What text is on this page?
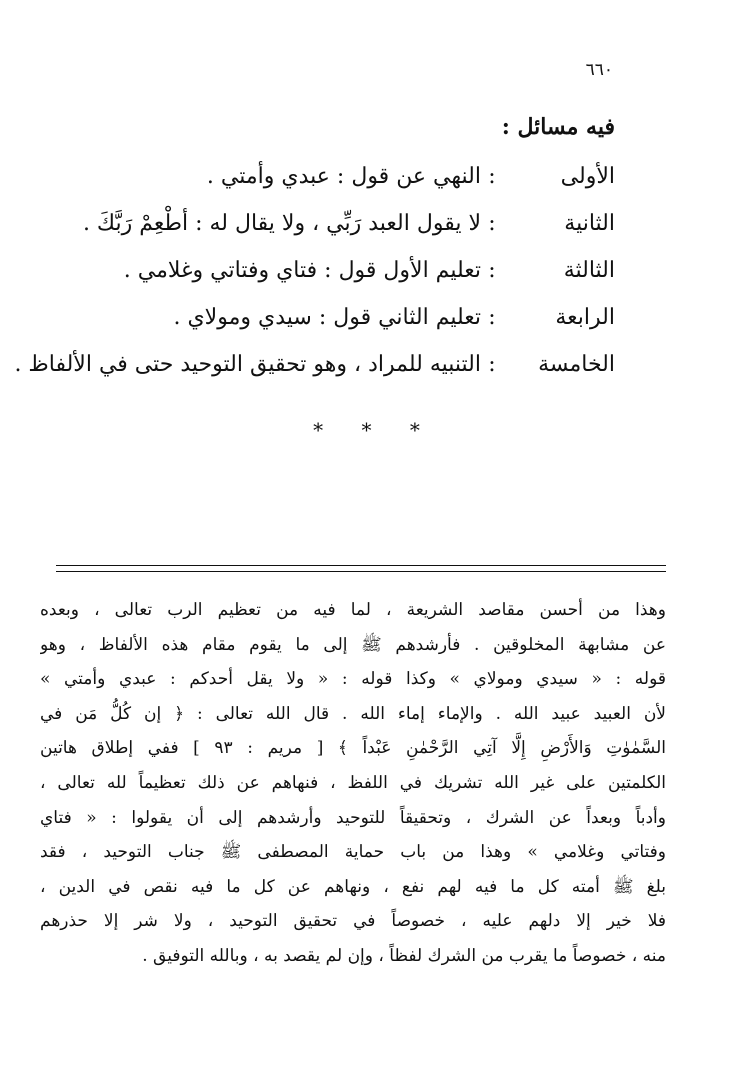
٦٦٠
فيه مسائل :
الأولى
:
النهي عن قول : عبدي وأمتي .
الثانية
:
لا يقول العبد رَبِّي ، ولا يقال له : أطْعِمْ رَبَّكَ .
الثالثة
:
تعليم الأول قول : فتاي وفتاتي وغلامي .
الرابعة
:
تعليم الثاني قول : سيدي ومولاي .
الخامسة
:
التنبيه للمراد ، وهو تحقيق التوحيد حتى في الألفاظ .
* * *
وهذا من أحسن مقاصد الشريعة ، لما فيه من تعظيم الرب تعالى ، وبعده
عن مشابهة المخلوقين . فأرشدهم ﷺ إلى ما يقوم مقام هذه الألفاظ ، وهو
قوله : « سيدي ومولاي » وكذا قوله : « ولا يقل أحدكم : عبدي وأمتي »
لأن العبيد عبيد الله . والإماء إماء الله . قال الله تعالى : ﴿ إن كُلُّ مَن في
السَّمٰوٰتِ وَالأَرْضِ إِلَّا آتِي الرَّحْمٰنِ عَبْداً ﴾ [ مريم : ٩٣ ] ففي إطلاق هاتين
الكلمتين على غير الله تشريك في اللفظ ، فنهاهم عن ذلك تعظيماً لله تعالى ،
وأدباً وبعداً عن الشرك ، وتحقيقاً للتوحيد وأرشدهم إلى أن يقولوا : « فتاي
وفتاتي وغلامي » وهذا من باب حماية المصطفى ﷺ جناب التوحيد ، فقد
بلغ ﷺ أمته كل ما فيه لهم نفع ، ونهاهم عن كل ما فيه نقص في الدين ،
فلا خير إلا دلهم عليه ، خصوصاً في تحقيق التوحيد ، ولا شر إلا حذرهم
منه ، خصوصاً ما يقرب من الشرك لفظاً ، وإن لم يقصد به ، وبالله التوفيق .
